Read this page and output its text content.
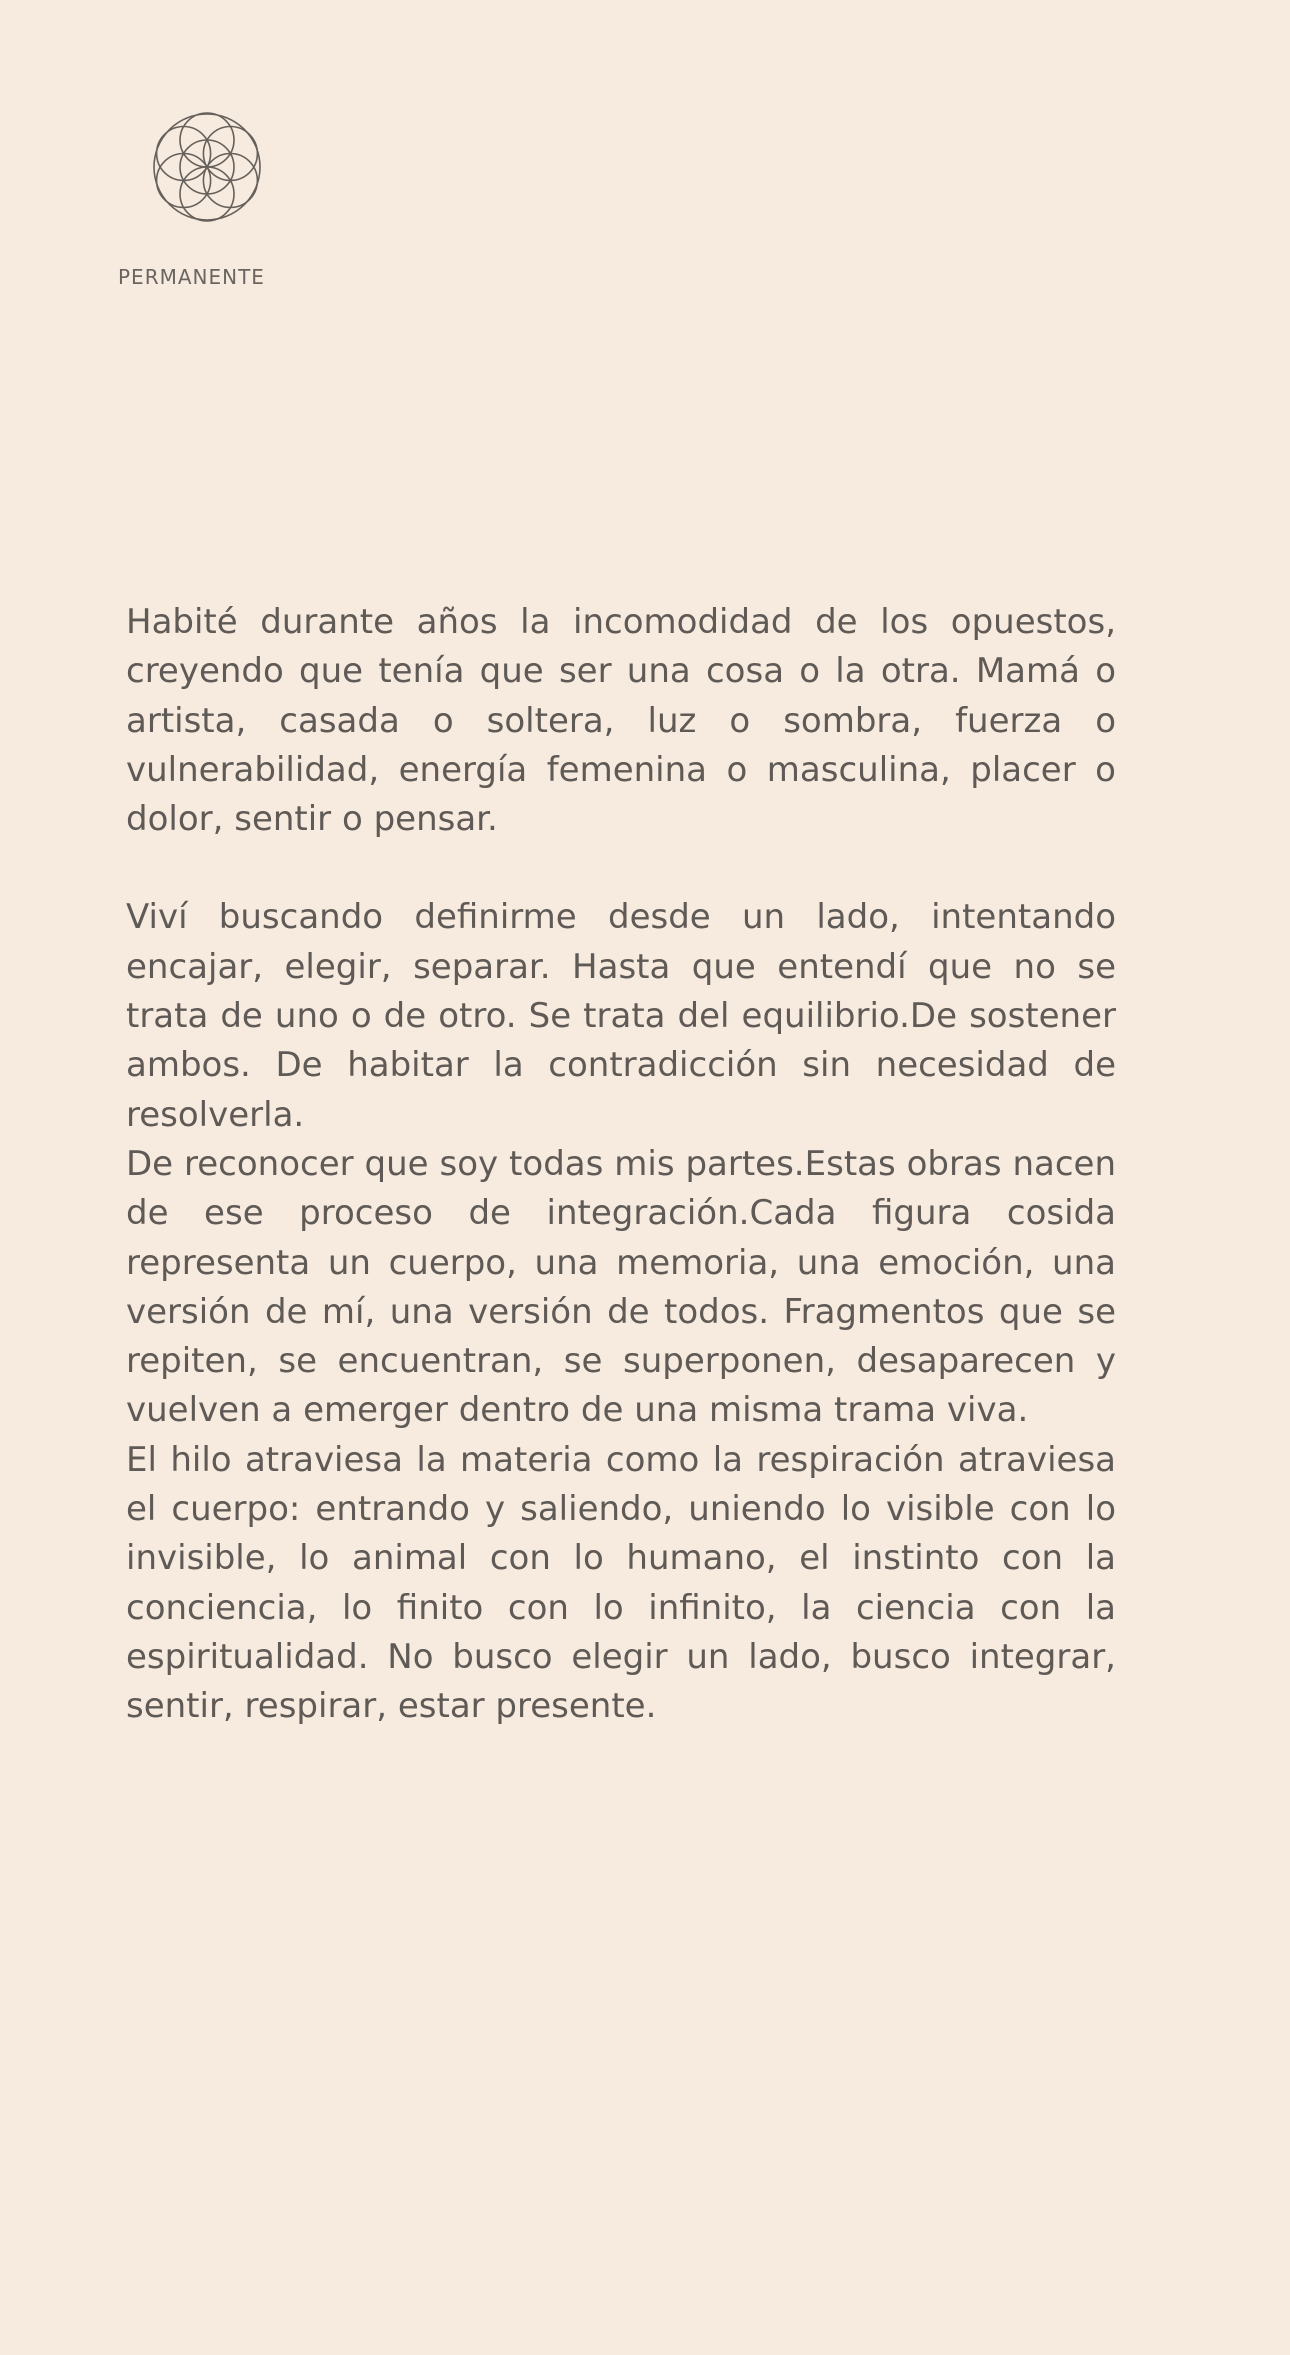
PERMANENTE

Habité durante años la incomodidad de los opuestos, creyendo que tenía que ser una cosa o la otra. Mamá o artista, casada o soltera, luz o sombra, fuerza o vulnerabilidad, energía femenina o masculina, placer o dolor, sentir o pensar.

Viví buscando definirme desde un lado, intentando encajar, elegir, separar. Hasta que entendí que no se trata de uno o de otro. Se trata del equilibrio.De sostener ambos. De habitar la contradicción sin necesidad de resolverla.

De reconocer que soy todas mis partes.Estas obras nacen de ese proceso de integración.Cada figura cosida representa un cuerpo, una memoria, una emoción, una versión de mí, una versión de todos. Fragmentos que se repiten, se encuentran, se superponen, desaparecen y vuelven a emerger dentro de una misma trama viva.

El hilo atraviesa la materia como la respiración atraviesa el cuerpo: entrando y saliendo, uniendo lo visible con lo invisible, lo animal con lo humano, el instinto con la conciencia, lo finito con lo infinito, la ciencia con la espiritualidad. No busco elegir un lado, busco integrar, sentir, respirar, estar presente.
